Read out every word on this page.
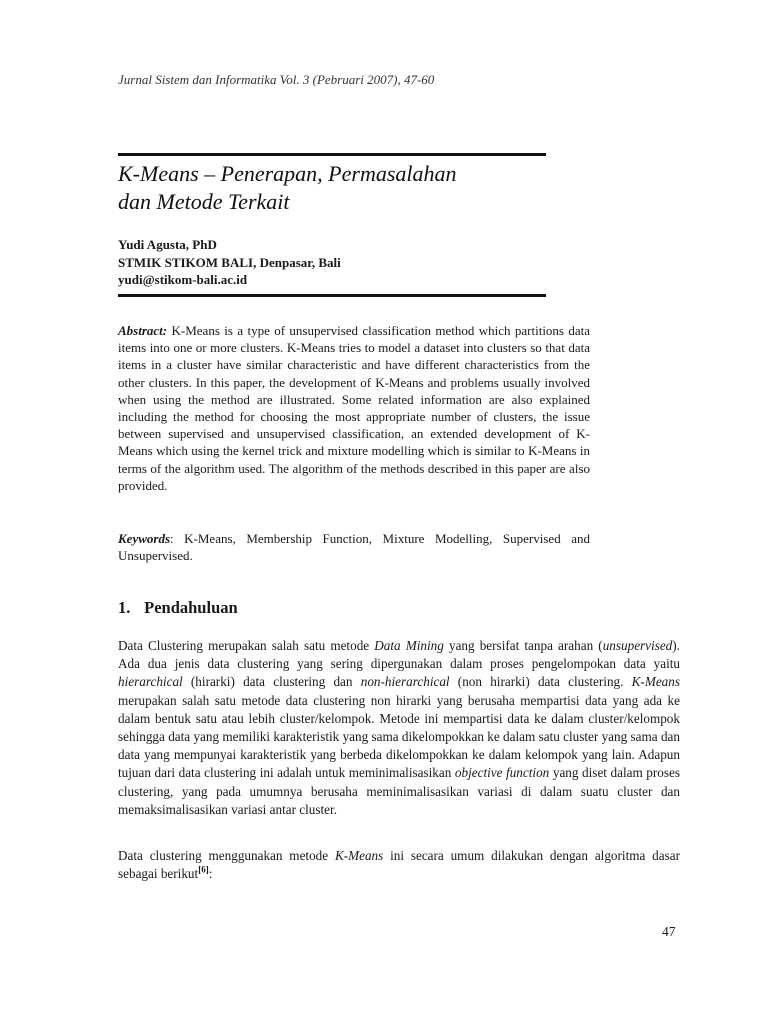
Jurnal Sistem dan Informatika Vol. 3 (Pebruari 2007), 47-60
K-Means – Penerapan, Permasalahan
dan Metode Terkait
Yudi Agusta, PhD
STMIK STIKOM BALI, Denpasar, Bali
yudi@stikom-bali.ac.id

Abstract: K-Means is a type of unsupervised classification method which partitions data items into one or more clusters. K-Means tries to model a dataset into clusters so that data items in a cluster have similar characteristic and have different characteristics from the other clusters. In this paper, the development of K-Means and problems usually involved when using the method are illustrated. Some related information are also explained including the method for choosing the most appropriate number of clusters, the issue between supervised and unsupervised classification, an extended development of K-Means which using the kernel trick and mixture modelling which is similar to K-Means in terms of the algorithm used. The algorithm of the methods described in this paper are also provided.

Keywords: K-Means, Membership Function, Mixture Modelling, Supervised and Unsupervised.

1. Pendahuluan

Data Clustering merupakan salah satu metode Data Mining yang bersifat tanpa arahan (unsupervised). Ada dua jenis data clustering yang sering dipergunakan dalam proses pengelompokan data yaitu hierarchical (hirarki) data clustering dan non-hierarchical (non hirarki) data clustering. K-Means merupakan salah satu metode data clustering non hirarki yang berusaha mempartisi data yang ada ke dalam bentuk satu atau lebih cluster/kelompok. Metode ini mempartisi data ke dalam cluster/kelompok sehingga data yang memiliki karakteristik yang sama dikelompokkan ke dalam satu cluster yang sama dan data yang mempunyai karakteristik yang berbeda dikelompokkan ke dalam kelompok yang lain. Adapun tujuan dari data clustering ini adalah untuk meminimalisasikan objective function yang diset dalam proses clustering, yang pada umumnya berusaha meminimalisasikan variasi di dalam suatu cluster dan memaksimalisasikan variasi antar cluster.

Data clustering menggunakan metode K-Means ini secara umum dilakukan dengan algoritma dasar sebagai berikut[6]:

47
